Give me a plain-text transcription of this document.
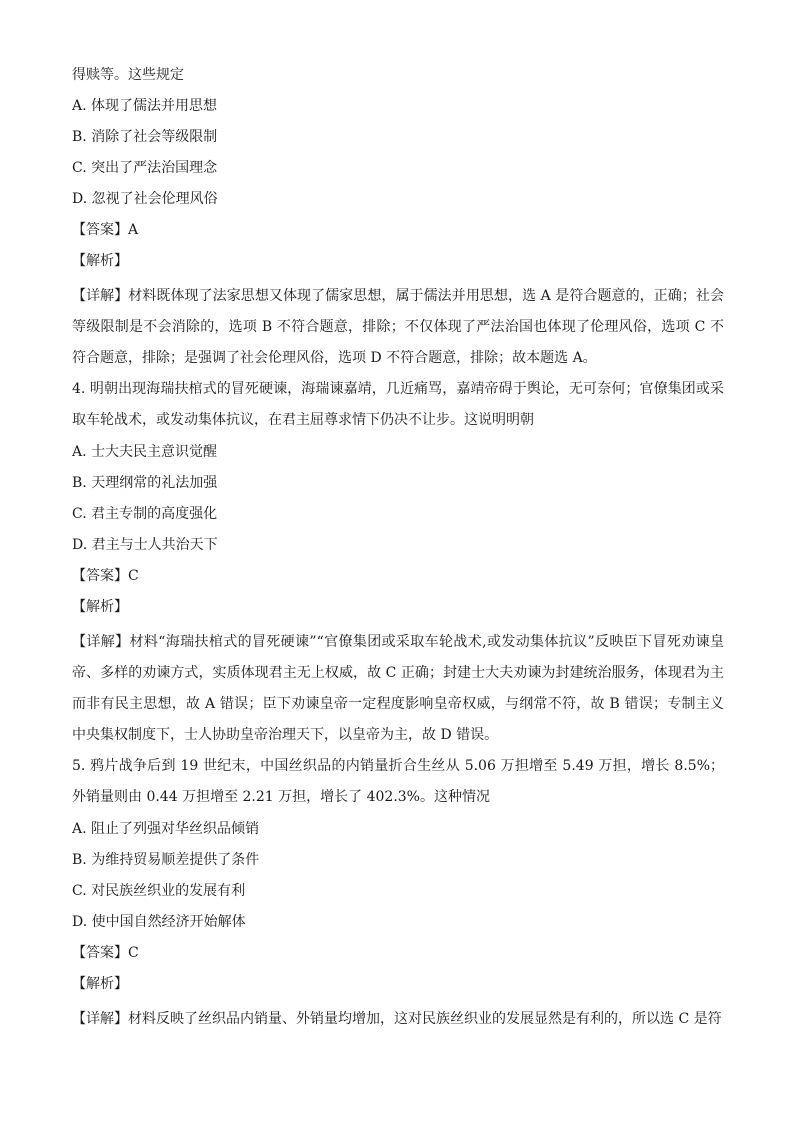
得赎等。这些规定
A. 体现了儒法并用思想
B. 消除了社会等级限制
C. 突出了严法治国理念
D. 忽视了社会伦理风俗
【答案】A
【解析】
【详解】材料既体现了法家思想又体现了儒家思想，属于儒法并用思想，选 A 是符合题意的，正确；社会等级限制是不会消除的，选项 B 不符合题意，排除；不仅体现了严法治国也体现了伦理风俗，选项 C 不符合题意，排除；是强调了社会伦理风俗，选项 D 不符合题意，排除；故本题选 A。
4. 明朝出现海瑞扶棺式的冒死硬谏，海瑞谏嘉靖，几近痛骂，嘉靖帝碍于舆论，无可奈何；官僚集团或采取车轮战术，或发动集体抗议，在君主屈尊求情下仍决不让步。这说明明朝
A. 士大夫民主意识觉醒
B. 天理纲常的礼法加强
C. 君主专制的高度强化
D. 君主与士人共治天下
【答案】C
【解析】
【详解】材料“海瑞扶棺式的冒死硬谏”“官僚集团或采取车轮战术,或发动集体抗议”反映臣下冒死劝谏皇帝、多样的劝谏方式，实质体现君主无上权威，故 C 正确；封建士大夫劝谏为封建统治服务，体现君为主而非有民主思想，故 A 错误；臣下劝谏皇帝一定程度影响皇帝权威，与纲常不符，故 B 错误；专制主义中央集权制度下，士人协助皇帝治理天下，以皇帝为主，故 D 错误。
5. 鸦片战争后到 19 世纪末，中国丝织品的内销量折合生丝从 5.06 万担增至 5.49 万担，增长 8.5%；外销量则由 0.44 万担增至 2.21 万担，增长了 402.3%。这种情况
A. 阻止了列强对华丝织品倾销
B. 为维持贸易顺差提供了条件
C. 对民族丝织业的发展有利
D. 使中国自然经济开始解体
【答案】C
【解析】
【详解】材料反映了丝织品内销量、外销量均增加，这对民族丝织业的发展显然是有利的，所以选 C 是符
